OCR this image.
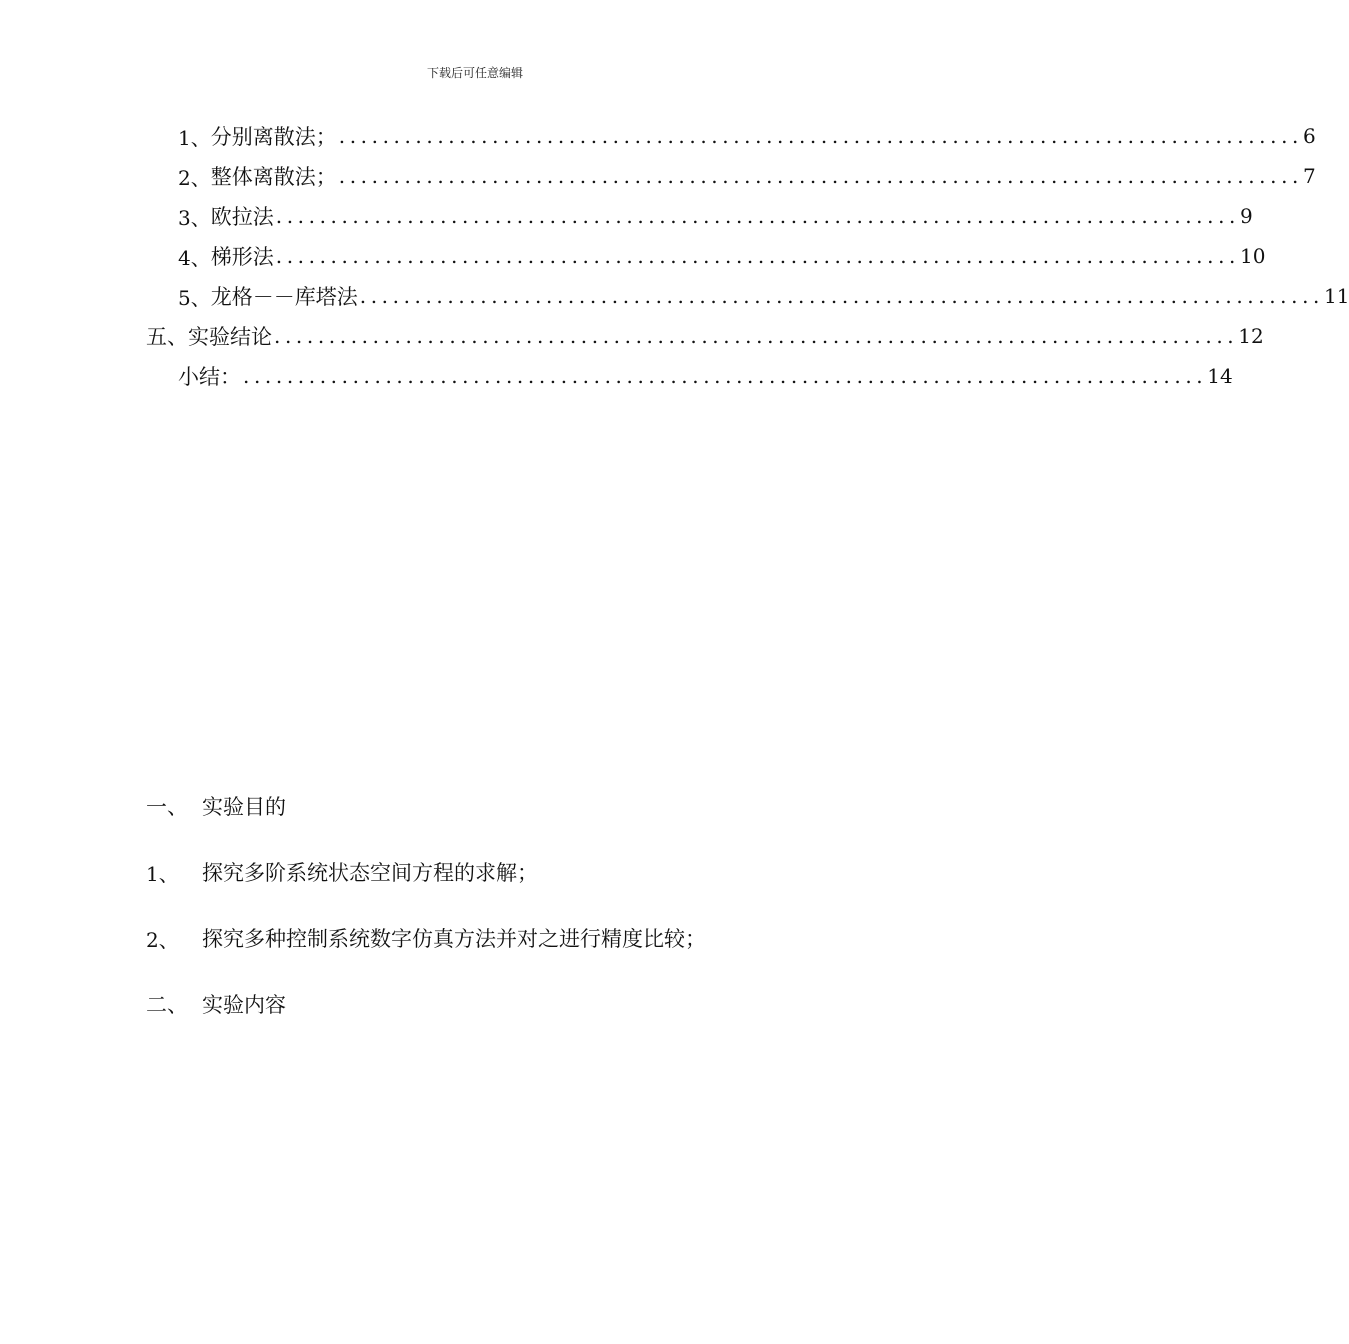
下载后可任意编辑
1、 分别离散法； ........................................................................................ 6
2、 整体离散法； ........................................................................................ 7
3、 欧拉法 ........................................................................................ 9
4、 梯形法 ........................................................................................ 10
5、 龙格－－库塔法 ........................................................................................ 11
五、 实验结论 ........................................................................................ 12
小结： ........................................................................................ 14
一、 实验目的
1、	探究多阶系统状态空间方程的求解；
2、	探究多种控制系统数字仿真方法并对之进行精度比较；
二、 实验内容
